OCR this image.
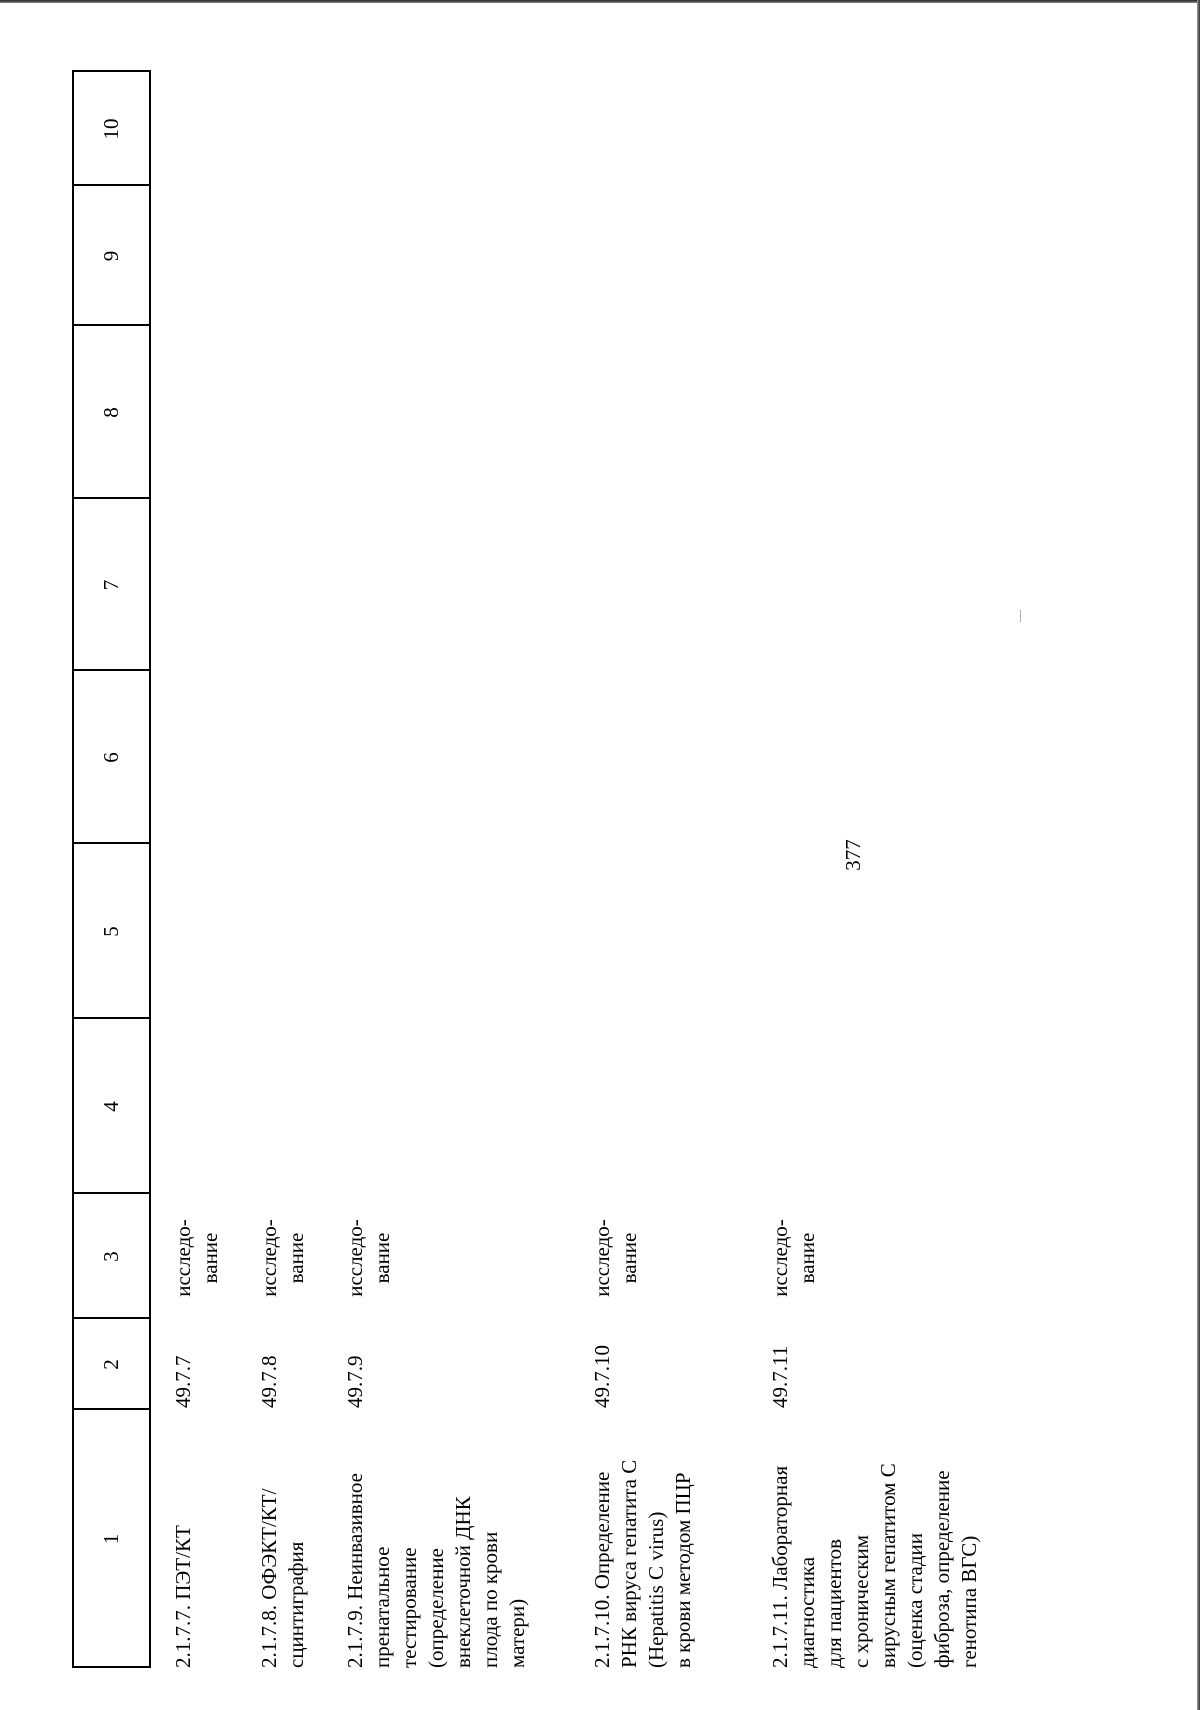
377
1
2
3
4
5
6
7
8
9
10
2.1.7.7. ПЭТ/КТ
49.7.7
исследо-
вание
2.1.7.8. ОФЭКТ/КТ/
сцинтиграфия
49.7.8
исследо-
вание
2.1.7.9. Неинвазивное
пренатальное
тестирование
(определение
внеклеточной ДНК
плода по крови
матери)
49.7.9
исследо-
вание
2.1.7.10. Определение
РНК вируса гепатита С
(Hepatitis C virus)
в крови методом ПЦР
49.7.10
исследо-
вание
2.1.7.11. Лабораторная
диагностика
для пациентов
с хроническим
вирусным гепатитом С
(оценка стадии
фиброза, определение
генотипа ВГС)
49.7.11
исследо-
вание
